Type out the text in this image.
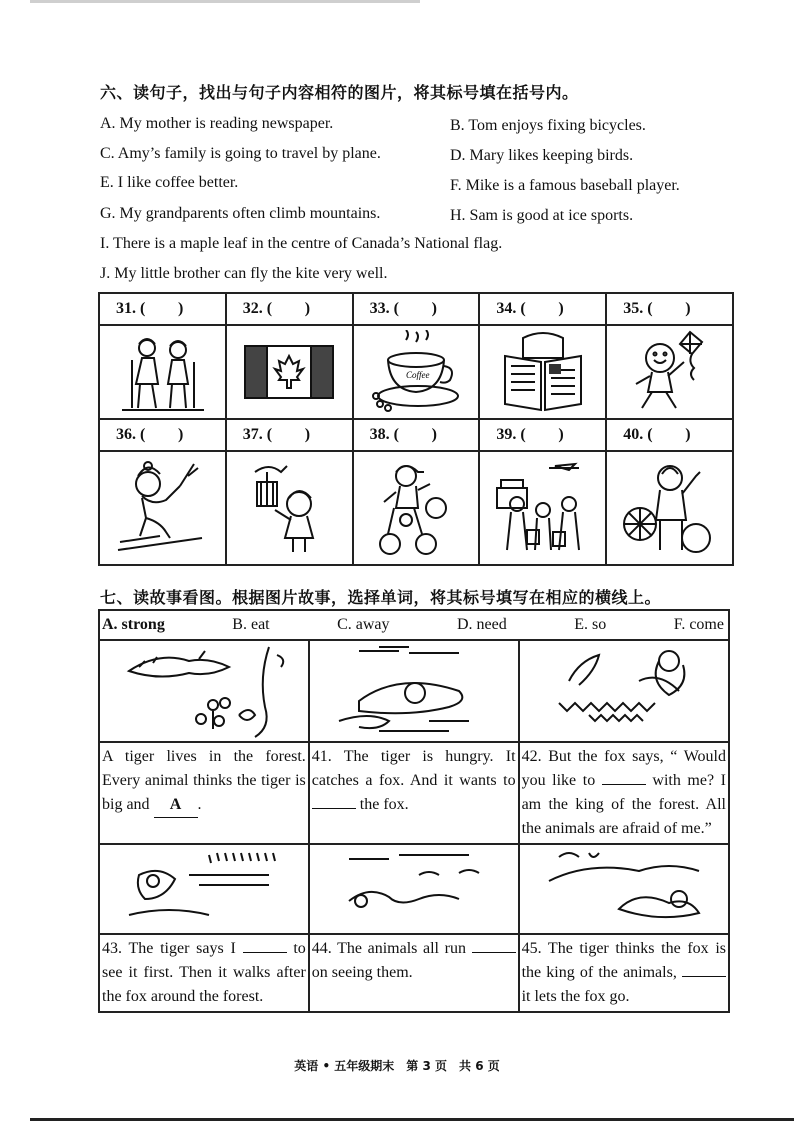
六、读句子，找出与句子内容相符的图片，将其标号填在括号内。
A. My mother is reading newspaper.	B. Tom enjoys fixing bicycles.
C. Amy’s family is going to travel by plane.	D. Mary likes keeping birds.
E. I like coffee better.	F. Mike is a famous baseball player.
G. My grandparents often climb mountains.	H. Sam is good at ice sports.
I. There is a maple leaf in the centre of Canada’s National flag.
J. My little brother can fly the kite very well.
31. ( )	32. ( )	33. ( )	34. ( )	35. ( )

Coffee

36. ( )	37. ( )	38. ( )	39. ( )	40. ( )

七、读故事看图。根据图片故事，选择单词，将其标号填写在相应的横线上。
A. strong	B. eat	C. away	D. need	E. so	F. come

A tiger lives in the forest. Every animal thinks the tiger is big and A .	41. The tiger is hungry. It catches a fox. And it wants to  the fox.	42. But the fox says, “ Would you like to with me? I am the king of the forest. All the animals are afraid of me.”

43. The tiger says I to see it first. Then it walks after the fox around the forest.	44. The animals all run  on seeing them.	45. The tiger thinks the fox is the king of the animals,  it lets the fox go.
英语 • 五年级期末　第 3 页　共 6 页
